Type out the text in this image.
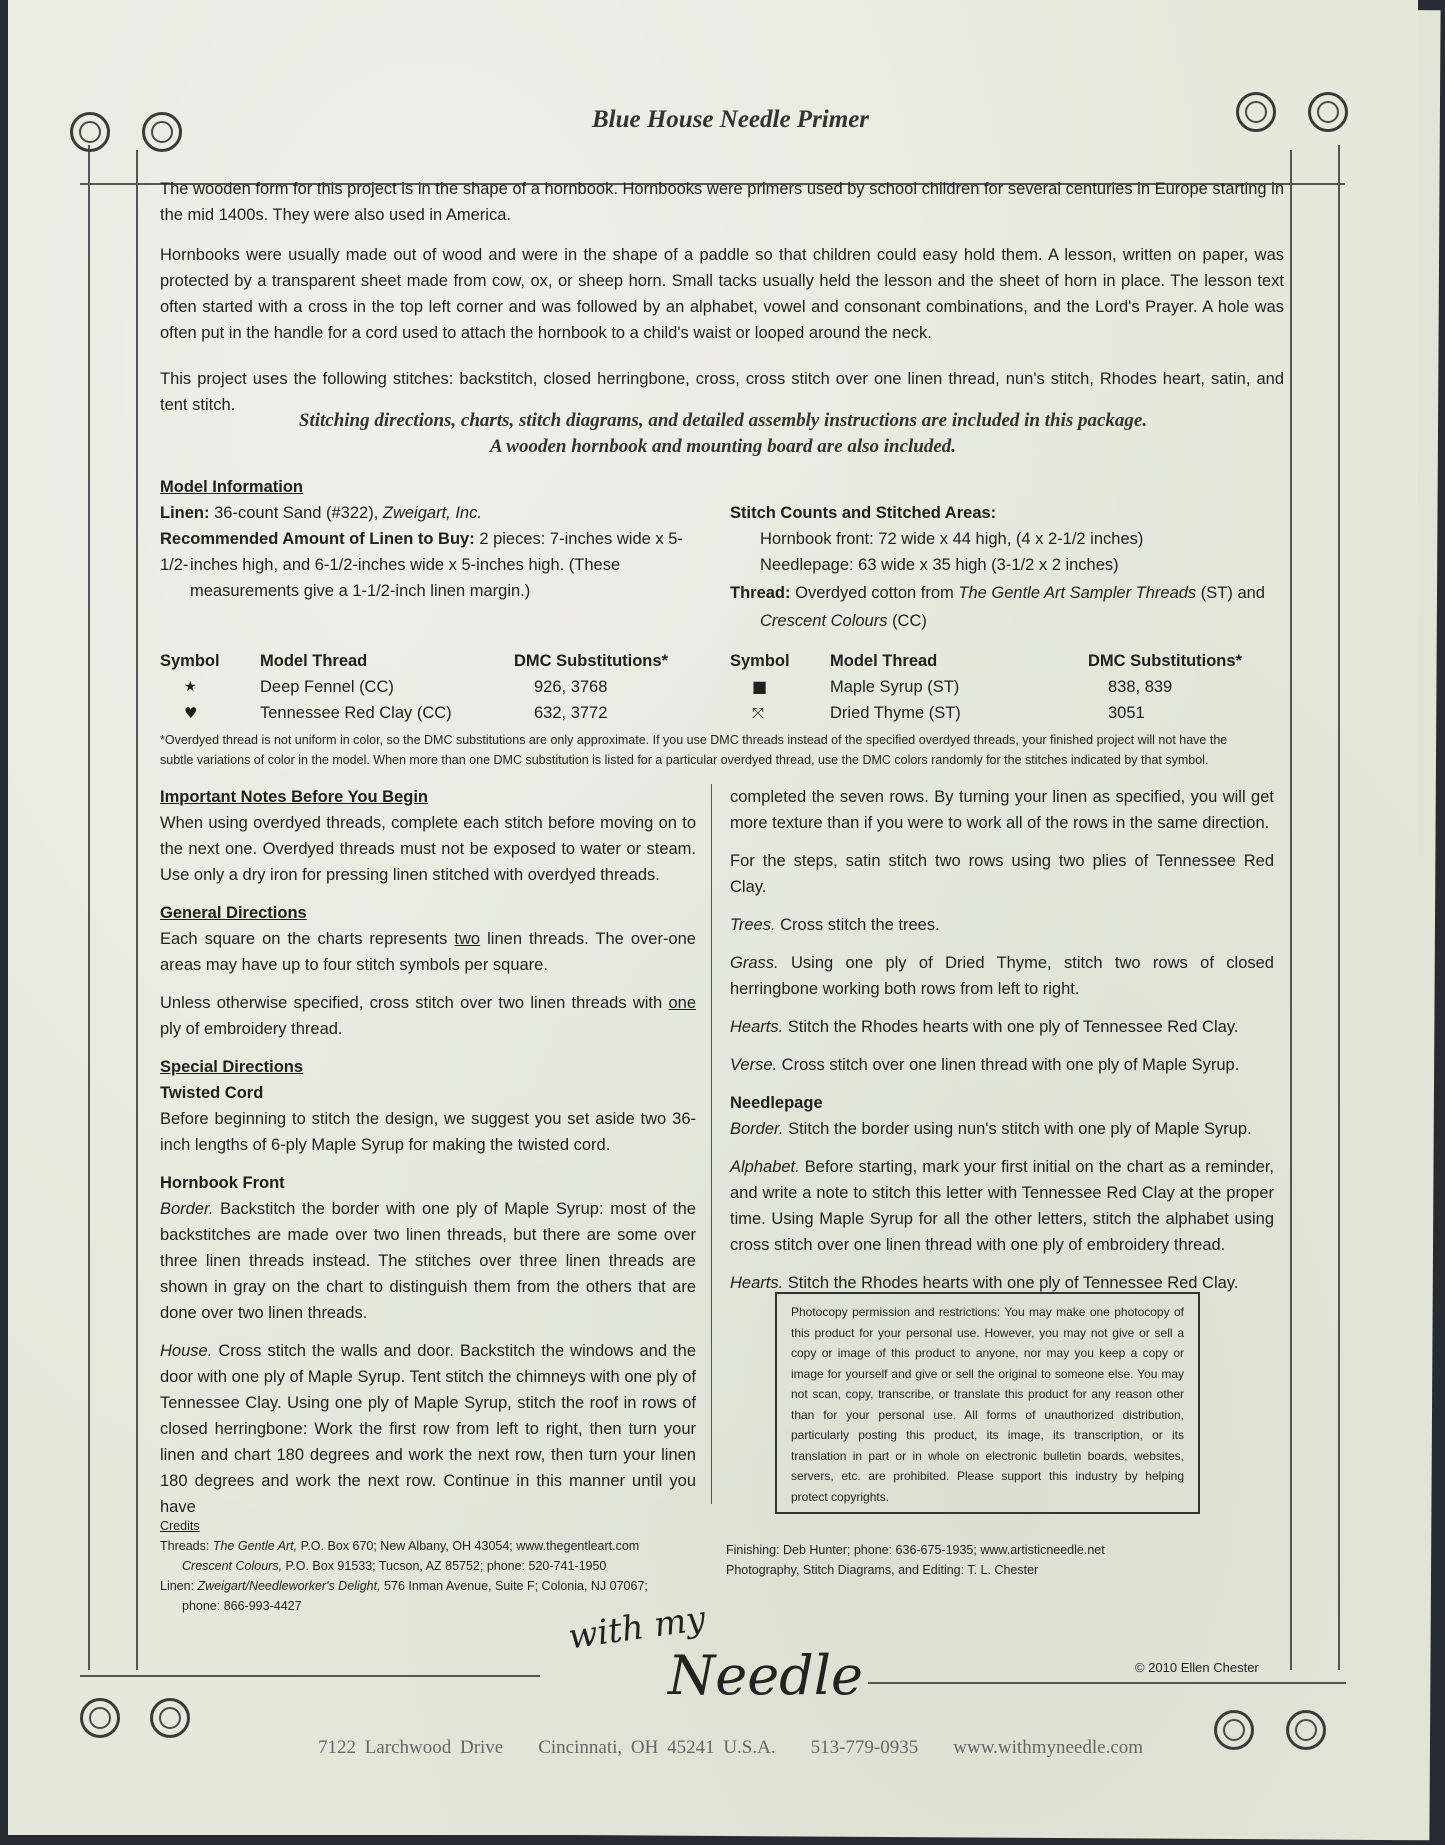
Blue House Needle Primer

The wooden form for this project is in the shape of a hornbook. Hornbooks were primers used by school children for several centuries in Europe starting in the mid 1400s. They were also used in America.

Hornbooks were usually made out of wood and were in the shape of a paddle so that children could easy hold them. A lesson, written on paper, was protected by a transparent sheet made from cow, ox, or sheep horn. Small tacks usually held the lesson and the sheet of horn in place. The lesson text often started with a cross in the top left corner and was followed by an alphabet, vowel and consonant combinations, and the Lord's Prayer. A hole was often put in the handle for a cord used to attach the hornbook to a child's waist or looped around the neck.

This project uses the following stitches: backstitch, closed herringbone, cross, cross stitch over one linen thread, nun's stitch, Rhodes heart, satin, and tent stitch.

Stitching directions, charts, stitch diagrams, and detailed assembly instructions are included in this package.
A wooden hornbook and mounting board are also included.
Model Information
Linen: 36-count Sand (#322), Zweigart, Inc.
Recommended Amount of Linen to Buy: 2 pieces: 7-inches wide x 5-1/2- inches high, and 6-1/2-inches wide x 5-inches high. (These
measurements give a 1-1/2-inch linen margin.)
Stitch Counts and Stitched Areas:
Hornbook front: 72 wide x 44 high, (4 x 2-1/2 inches)
Needlepage: 63 wide x 35 high (3-1/2 x 2 inches)
Thread: Overdyed cotton from The Gentle Art Sampler Threads (ST) and
Crescent Colours (CC)
Symbol Model Thread	DMC Substitutions*	Symbol Model Thread	DMC Substitutions*
★	Deep Fennel (CC)	926, 3768	■	Maple Syrup (ST)	838, 839
♥	Tennessee Red Clay (CC)	632, 3772	⤧	Dried Thyme (ST)	3051
*Overdyed thread is not uniform in color, so the DMC substitutions are only approximate. If you use DMC threads instead of the specified overdyed threads, your finished project will not have the subtle variations of color in the model. When more than one DMC substitution is listed for a particular overdyed thread, use the DMC colors randomly for the stitches indicated by that symbol.
Important Notes Before You Begin

When using overdyed threads, complete each stitch before moving on to the next one. Overdyed threads must not be exposed to water or steam. Use only a dry iron for pressing linen stitched with overdyed threads.

General Directions

Each square on the charts represents two linen threads. The over-one areas may have up to four stitch symbols per square.

Unless otherwise specified, cross stitch over two linen threads with one ply of embroidery thread.

Special Directions
Twisted Cord

Before beginning to stitch the design, we suggest you set aside two 36-inch lengths of 6-ply Maple Syrup for making the twisted cord.

Hornbook Front

Border. Backstitch the border with one ply of Maple Syrup: most of the backstitches are made over two linen threads, but there are some over three linen threads instead. The stitches over three linen threads are shown in gray on the chart to distinguish them from the others that are done over two linen threads.

House. Cross stitch the walls and door. Backstitch the windows and the door with one ply of Maple Syrup. Tent stitch the chimneys with one ply of Tennessee Clay. Using one ply of Maple Syrup, stitch the roof in rows of closed herringbone: Work the first row from left to right, then turn your linen and chart 180 degrees and work the next row, then turn your linen 180 degrees and work the next row. Continue in this manner until you have

completed the seven rows. By turning your linen as specified, you will get more texture than if you were to work all of the rows in the same direction.

For the steps, satin stitch two rows using two plies of Tennessee Red Clay.

Trees. Cross stitch the trees.

Grass. Using one ply of Dried Thyme, stitch two rows of closed herringbone working both rows from left to right.

Hearts. Stitch the Rhodes hearts with one ply of Tennessee Red Clay.

Verse. Cross stitch over one linen thread with one ply of Maple Syrup.

Needlepage

Border. Stitch the border using nun's stitch with one ply of Maple Syrup.

Alphabet. Before starting, mark your first initial on the chart as a reminder, and write a note to stitch this letter with Tennessee Red Clay at the proper time. Using Maple Syrup for all the other letters, stitch the alphabet using cross stitch over one linen thread with one ply of embroidery thread.

Hearts. Stitch the Rhodes hearts with one ply of Tennessee Red Clay.

Photocopy permission and restrictions: You may make one photocopy of this product for your personal use. However, you may not give or sell a copy or image of this product to anyone, nor may you keep a copy or image for yourself and give or sell the original to someone else. You may not scan, copy, transcribe, or translate this product for any reason other than for your personal use. All forms of unauthorized distribution, particularly posting this product, its image, its transcription, or its translation in part or in whole on electronic bulletin boards, websites, servers, etc. are prohibited. Please support this industry by helping protect copyrights.
Credits
Threads: The Gentle Art, P.O. Box 670; New Albany, OH 43054; www.thegentleart.com
Crescent Colours, P.O. Box 91533; Tucson, AZ 85752; phone: 520-741-1950
Linen: Zweigart/Needleworker's Delight, 576 Inman Avenue, Suite F; Colonia, NJ 07067;
phone: 866-993-4427
Finishing: Deb Hunter; phone: 636-675-1935; www.artisticneedle.net
Photography, Stitch Diagrams, and Editing: T. L. Chester
© 2010 Ellen Chester
with my
Needle
7122 Larchwood Drive Cincinnati, OH 45241 U.S.A. 513-779-0935 www.withmyneedle.com
